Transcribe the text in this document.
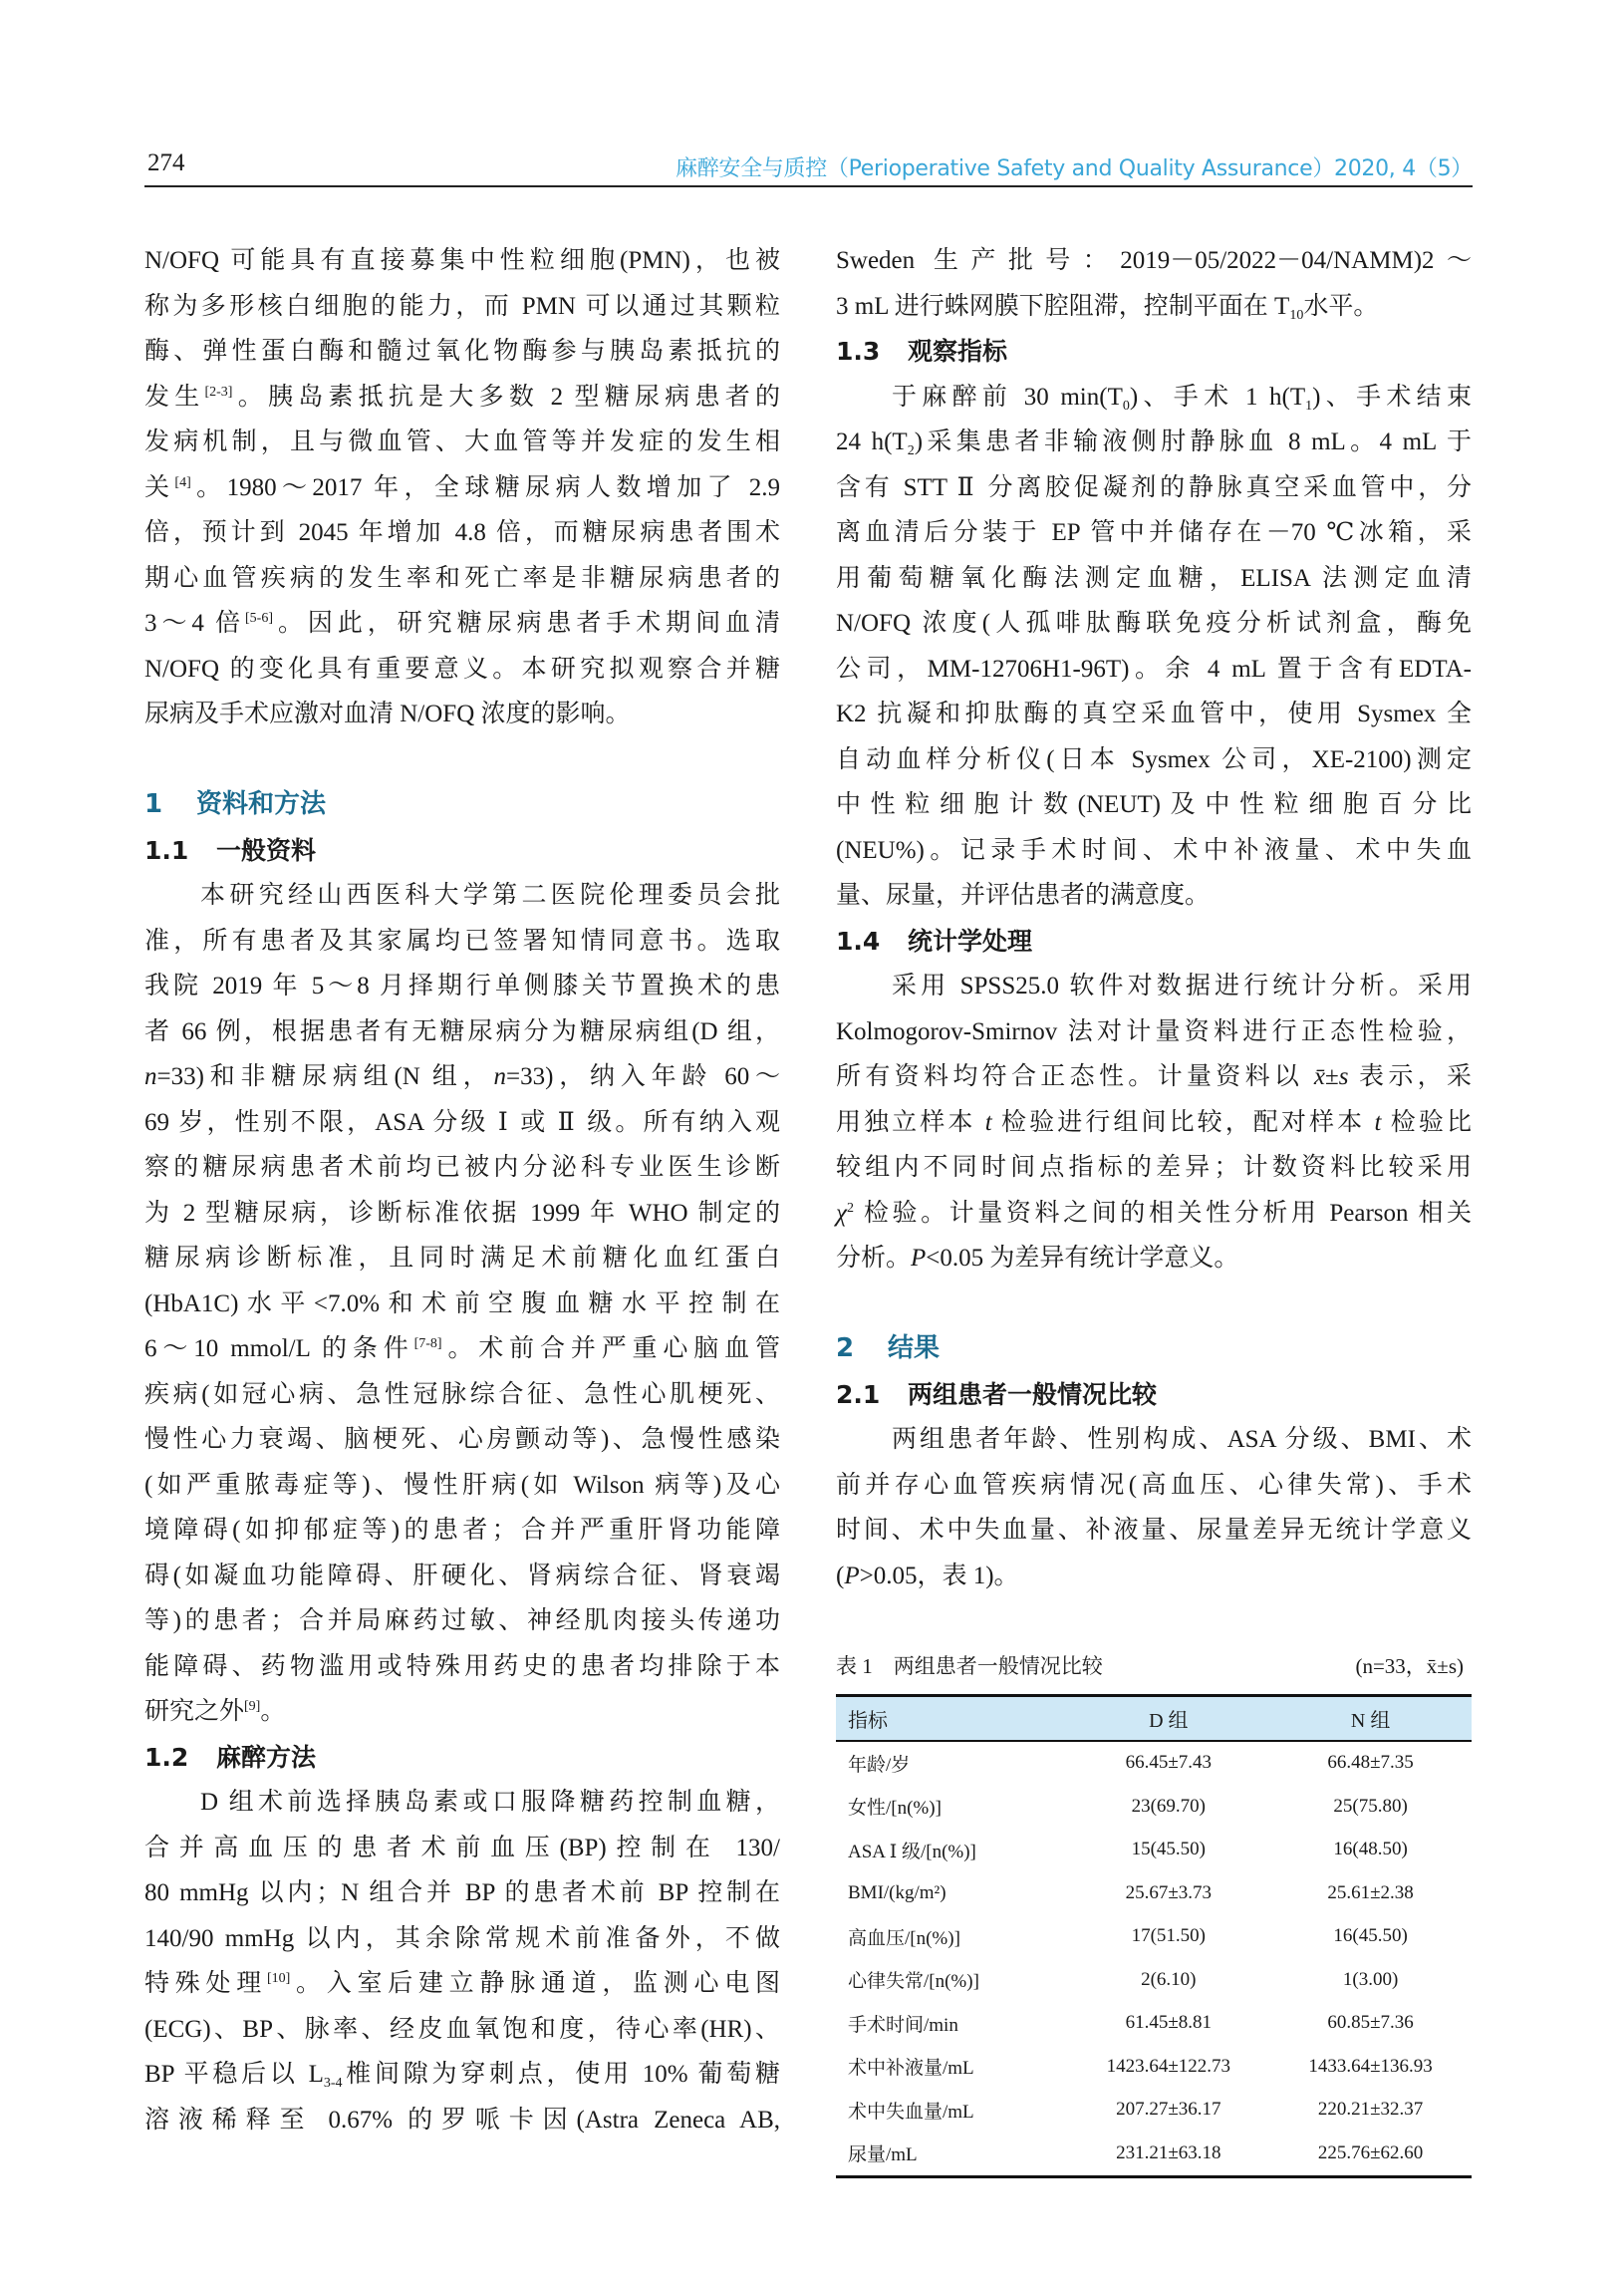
274	麻醉安全与质控（Perioperative Safety and Quality Assurance）2020, 4（5）
N/OFQ 可能具有直接募集中性粒细胞(PMN)，也被
称为多形核白细胞的能力，而 PMN 可以通过其颗粒
酶、弹性蛋白酶和髓过氧化物酶参与胰岛素抵抗的
发生[2-3]。胰岛素抵抗是大多数 2 型糖尿病患者的
发病机制，且与微血管、大血管等并发症的发生相
关[4]。1980～2017 年，全球糖尿病人数增加了 2.9
倍，预计到 2045 年增加 4.8 倍，而糖尿病患者围术
期心血管疾病的发生率和死亡率是非糖尿病患者的
3～4 倍[5-6]。因此，研究糖尿病患者手术期间血清
N/OFQ 的变化具有重要意义。本研究拟观察合并糖
尿病及手术应激对血清 N/OFQ 浓度的影响。
1 资料和方法
1.1 一般资料
本研究经山西医科大学第二医院伦理委员会批
准，所有患者及其家属均已签署知情同意书。选取
我院 2019 年 5～8 月择期行单侧膝关节置换术的患
者 66 例，根据患者有无糖尿病分为糖尿病组(D 组，
n=33)和非糖尿病组(N 组，n=33)，纳入年龄 60～
69 岁，性别不限，ASA 分级 Ⅰ 或 Ⅱ 级。所有纳入观
察的糖尿病患者术前均已被内分泌科专业医生诊断
为 2 型糖尿病，诊断标准依据 1999 年 WHO 制定的
糖尿病诊断标准，且同时满足术前糖化血红蛋白
(HbA1C)水平<7.0%和术前空腹血糖水平控制在
6～10 mmol/L 的条件[7-8]。术前合并严重心脑血管
疾病(如冠心病、急性冠脉综合征、急性心肌梗死、
慢性心力衰竭、脑梗死、心房颤动等)、急慢性感染
(如严重脓毒症等)、慢性肝病(如 Wilson 病等)及心
境障碍(如抑郁症等)的患者；合并严重肝肾功能障
碍(如凝血功能障碍、肝硬化、肾病综合征、肾衰竭
等)的患者；合并局麻药过敏、神经肌肉接头传递功
能障碍、药物滥用或特殊用药史的患者均排除于本
研究之外[9]。
1.2 麻醉方法
D 组术前选择胰岛素或口服降糖药控制血糖，
合并高血压的患者术前血压(BP)控制在 130/
80 mmHg 以内；N 组合并 BP 的患者术前 BP 控制在
140/90 mmHg 以内，其余除常规术前准备外，不做
特殊处理[10]。入室后建立静脉通道，监测心电图
(ECG)、BP、脉率、经皮血氧饱和度，待心率(HR)、
BP 平稳后以 $L_{3-4}$椎间隙为穿刺点，使用 10% 葡萄糖
溶液稀释至 0.67% 的罗哌卡因(Astra Zeneca AB,
Sweden 生产批号：2019－05/2022－04/NAMM)2～
3 mL 进行蛛网膜下腔阻滞，控制平面在 $T_{10}$水平。
1.3 观察指标
于麻醉前 30 $\min(T_0)$、手术 1 $h(T_1)$、手术结束
24 $h(T_2)$采集患者非输液侧肘静脉血 8 mL。4 mL 于
含有 STT Ⅱ 分离胶促凝剂的静脉真空采血管中，分
离血清后分装于 EP 管中并储存在－70 ℃冰箱，采
用葡萄糖氧化酶法测定血糖，ELISA 法测定血清
N/OFQ 浓度(人孤啡肽酶联免疫分析试剂盒，酶免
公司，MM-12706H1-96T)。余 4 mL 置于含有EDTA-
K2 抗凝和抑肽酶的真空采血管中，使用 Sysmex 全
自动血样分析仪(日本 Sysmex 公司，XE-2100)测定
中性粒细胞计数(NEUT)及中性粒细胞百分比
(NEU%)。记录手术时间、术中补液量、术中失血
量、尿量，并评估患者的满意度。
1.4 统计学处理
采用 SPSS25.0 软件对数据进行统计分析。采用
Kolmogorov-Smirnov 法对计量资料进行正态性检验，
所有资料均符合正态性。计量资料以 x̄±s 表示，采
用独立样本 t 检验进行组间比较，配对样本 t 检验比
较组内不同时间点指标的差异；计数资料比较采用
$\chi^2$ 检验。计量资料之间的相关性分析用 Pearson 相关
分析。P<0.05 为差异有统计学意义。
2 结果
2.1 两组患者一般情况比较
两组患者年龄、性别构成、ASA 分级、BMI、术
前并存心血管疾病情况(高血压、心律失常)、手术
时间、术中失血量、补液量、尿量差异无统计学意义
(P>0.05，表 1)。
表 1　两组患者一般情况比较	(n=33，x̄±s)
指标	D 组	N 组
年龄/岁	66.45±7.43	66.48±7.35
女性/[n(%)]	23(69.70)	25(75.80)
ASA Ⅰ 级/[n(%)]	15(45.50)	16(48.50)
BMI/(kg/m²)	25.67±3.73	25.61±2.38
高血压/[n(%)]	17(51.50)	16(45.50)
心律失常/[n(%)]	2(6.10)	1(3.00)
手术时间/min	61.45±8.81	60.85±7.36
术中补液量/mL	1423.64±122.73	1433.64±136.93
术中失血量/mL	207.27±36.17	220.21±32.37
尿量/mL	231.21±63.18	225.76±62.60
